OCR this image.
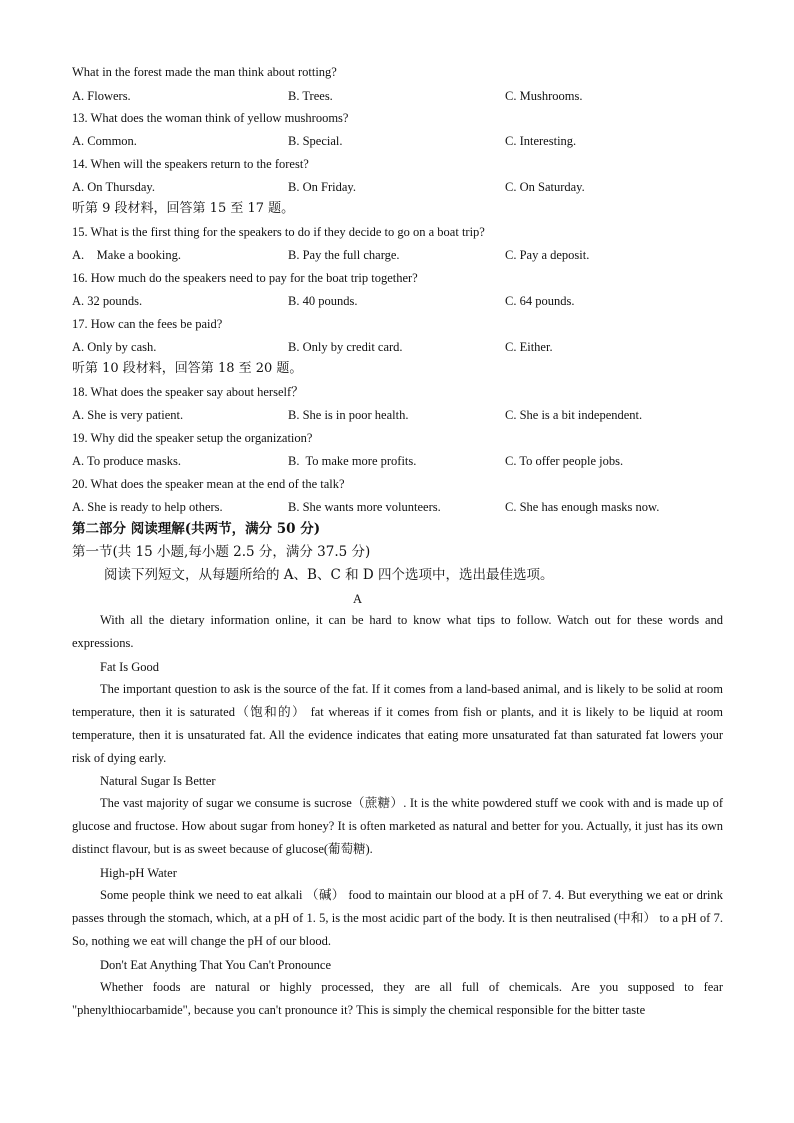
What in the forest made the man think about rotting?
A. Flowers.	B. Trees.	C. Mushrooms.
13. What does the woman think of yellow mushrooms?
A. Common.	B. Special.	C. Interesting.
14. When will the speakers return to the forest?
A. On Thursday.	B. On Friday.	C. On Saturday.
听第 9 段材料，回答第 15 至 17 题。
15. What is the first thing for the speakers to do if they decide to go on a boat trip?
A.    Make a booking.	B. Pay the full charge.	C. Pay a deposit.
16. How much do the speakers need to pay for the boat trip together?
A. 32 pounds.	B. 40 pounds.	C. 64 pounds.
17. How can the fees be paid?
A. Only by cash.	B. Only by credit card.	C. Either.
听第 10 段材料，回答第 18 至 20 题。
18. What does the speaker say about herself？
A. She is very patient.	B. She is in poor health.	C. She is a bit independent.
19. Why did the speaker setup the organization?
A. To produce masks.	B.  To make more profits.	C. To offer people jobs.
20. What does the speaker mean at the end of the talk?
A. She is ready to help others.	B. She wants more volunteers.	C. She has enough masks now.
第二部分 阅读理解(共两节，满分 50 分)
第一节(共 15 小题,每小题 2.5 分，满分 37.5 分)
阅读下列短文，从每题所给的 A、B、C 和 D 四个选项中，选出最佳选项。
A
With all the dietary information online, it can be hard to know what tips to follow. Watch out for these words and expressions.
Fat Is Good
The important question to ask is the source of the fat. If it comes from a land-based animal, and is likely to be solid at room temperature, then it is saturated（饱和的） fat whereas if it comes from fish or plants, and it is likely to be liquid at room temperature, then it is unsaturated fat. All the evidence indicates that eating more unsaturated fat than saturated fat lowers your risk of dying early.
Natural Sugar Is Better
The vast majority of sugar we consume is sucrose（蔗糖）. It is the white powdered stuff we cook with and is made up of glucose and fructose. How about sugar from honey? It is often marketed as natural and better for you. Actually, it just has its own distinct flavour, but is as sweet because of glucose(葡萄糖).
High-pH Water
Some people think we need to eat alkali （碱） food to maintain our blood at a pH of 7. 4. But everything we eat or drink passes through the stomach, which, at a pH of 1. 5, is the most acidic part of the body. It is then neutralised (中和） to a pH of 7. So, nothing we eat will change the pH of our blood.
Don't Eat Anything That You Can't Pronounce
Whether foods are natural or highly processed, they are all full of chemicals. Are you supposed to fear "phenylthiocarbamide", because you can't pronounce it? This is simply the chemical responsible for the bitter taste
